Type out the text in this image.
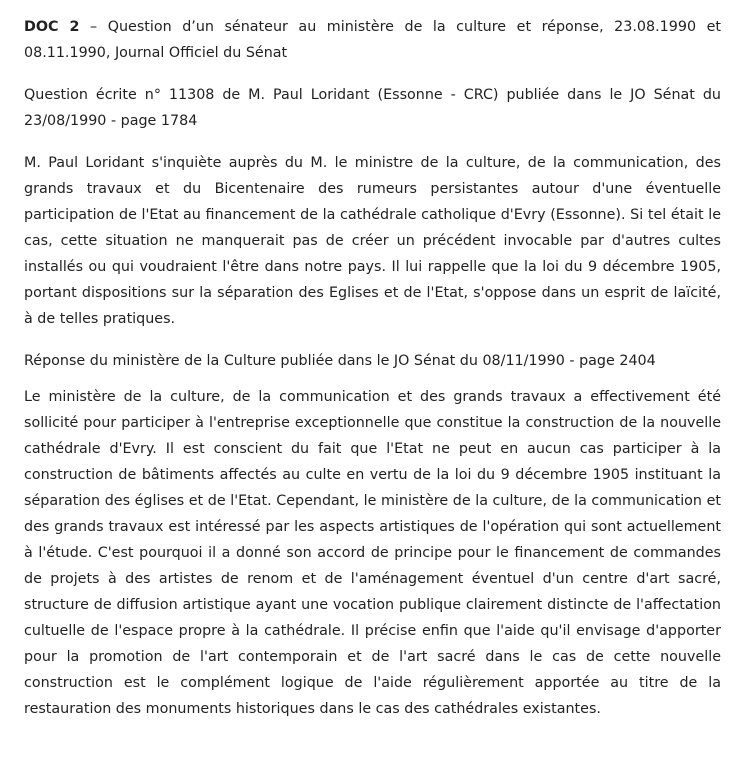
DOC 2 – Question d’un sénateur au ministère de la culture et réponse, 23.08.1990 et 08.11.1990, Journal Officiel du Sénat

Question écrite n° 11308 de M. Paul Loridant (Essonne - CRC) publiée dans le JO Sénat du 23/08/1990 - page 1784

M. Paul Loridant s'inquiète auprès du M. le ministre de la culture, de la communication, des grands travaux et du Bicentenaire des rumeurs persistantes autour d'une éventuelle participation de l'Etat au financement de la cathédrale catholique d'Evry (Essonne). Si tel était le cas, cette situation ne manquerait pas de créer un précédent invocable par d'autres cultes installés ou qui voudraient l'être dans notre pays. Il lui rappelle que la loi du 9 décembre 1905, portant dispositions sur la séparation des Eglises et de l'Etat, s'oppose dans un esprit de laïcité, à de telles pratiques.

Réponse du ministère de la Culture publiée dans le JO Sénat du 08/11/1990 - page 2404

Le ministère de la culture, de la communication et des grands travaux a effectivement été sollicité pour participer à l'entreprise exceptionnelle que constitue la construction de la nouvelle cathédrale d'Evry. Il est conscient du fait que l'Etat ne peut en aucun cas participer à la construction de bâtiments affectés au culte en vertu de la loi du 9 décembre 1905 instituant la séparation des églises et de l'Etat. Cependant, le ministère de la culture, de la communication et des grands travaux est intéressé par les aspects artistiques de l'opération qui sont actuellement à l'étude. C'est pourquoi il a donné son accord de principe pour le financement de commandes de projets à des artistes de renom et de l'aménagement éventuel d'un centre d'art sacré, structure de diffusion artistique ayant une vocation publique clairement distincte de l'affectation cultuelle de l'espace propre à la cathédrale. Il précise enfin que l'aide qu'il envisage d'apporter pour la promotion de l'art contemporain et de l'art sacré dans le cas de cette nouvelle construction est le complément logique de l'aide régulièrement apportée au titre de la restauration des monuments historiques dans le cas des cathédrales existantes.
